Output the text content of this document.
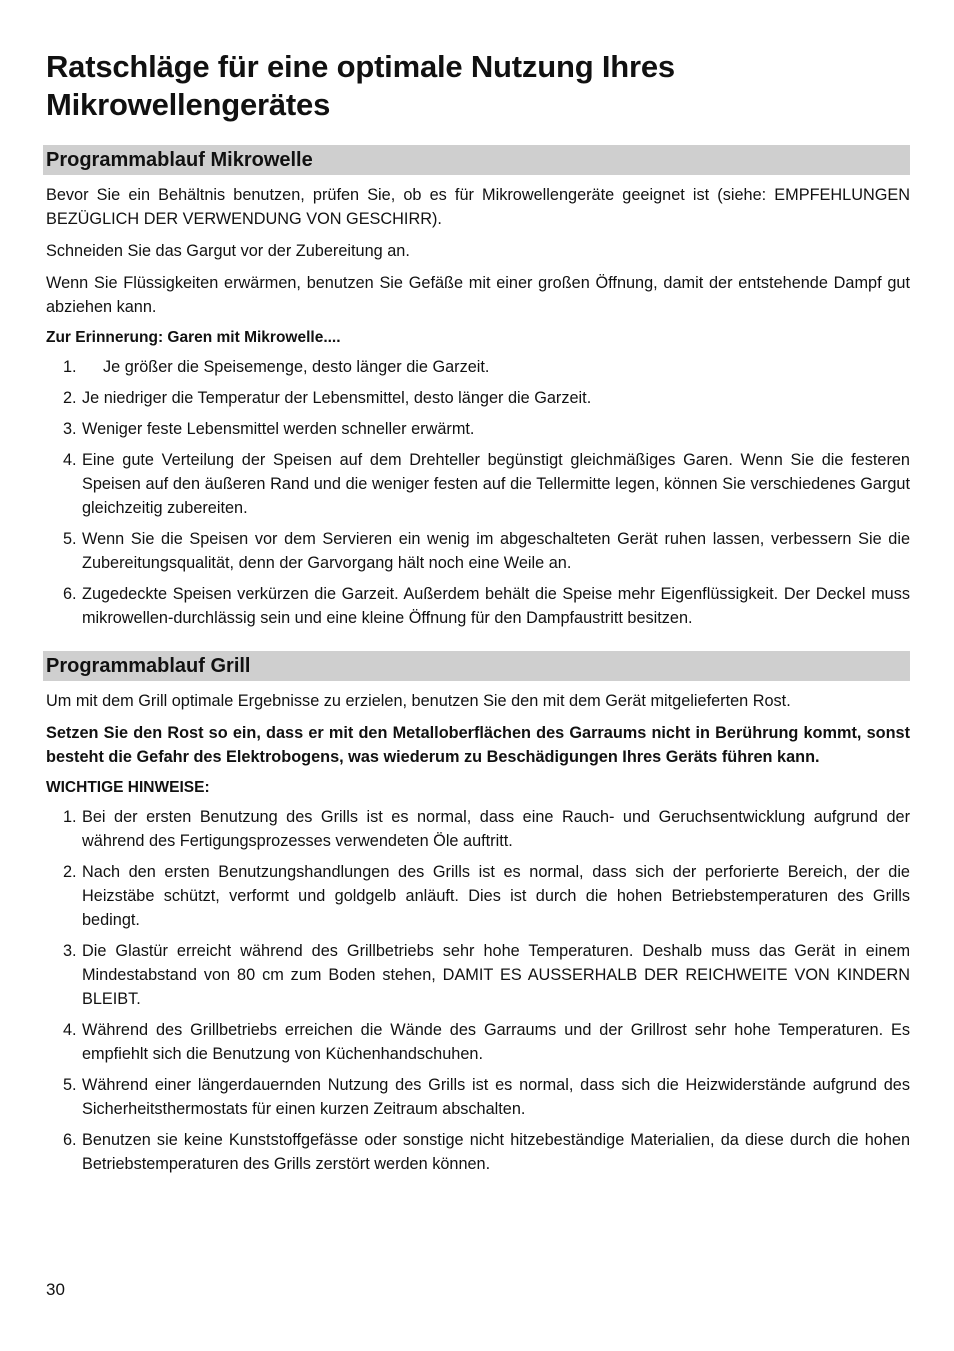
Ratschläge für eine optimale Nutzung Ihres Mikrowellengerätes
Programmablauf Mikrowelle

Bevor Sie ein Behältnis benutzen, prüfen Sie, ob es für Mikrowellengeräte geeignet ist (siehe: EMPFEHLUNGEN BEZÜGLICH DER VERWENDUNG VON GESCHIRR).

Schneiden Sie das Gargut vor der Zubereitung an.

Wenn Sie Flüssigkeiten erwärmen, benutzen Sie Gefäße mit einer großen Öffnung, damit der entstehende Dampf gut abziehen kann.

Zur Erinnerung: Garen mit Mikrowelle....
1. Je größer die Speisemenge, desto länger die Garzeit.
2. Je niedriger die Temperatur der Lebensmittel, desto länger die Garzeit.
3. Weniger feste Lebensmittel werden schneller erwärmt.
4. Eine gute Verteilung der Speisen auf dem Drehteller begünstigt gleichmäßiges Garen. Wenn Sie die festeren Speisen auf den äußeren Rand und die weniger festen auf die Tellermitte legen, können Sie verschiedenes Gargut gleichzeitig zubereiten.
5. Wenn Sie die Speisen vor dem Servieren ein wenig im abgeschalteten Gerät ruhen lassen, verbessern Sie die Zubereitungsqualität, denn der Garvorgang hält noch eine Weile an.
6. Zugedeckte Speisen verkürzen die Garzeit. Außerdem behält die Speise mehr Eigenflüssigkeit. Der Deckel muss mikrowellen-durchlässig sein und eine kleine Öffnung für den Dampfaustritt besitzen.
Programmablauf Grill

Um mit dem Grill optimale Ergebnisse zu erzielen, benutzen Sie den mit dem Gerät mitgelieferten Rost.

Setzen Sie den Rost so ein, dass er mit den Metalloberflächen des Garraums nicht in Berührung kommt, sonst besteht die Gefahr des Elektrobogens, was wiederum zu Beschädigungen Ihres Geräts führen kann.

WICHTIGE HINWEISE:
1. Bei der ersten Benutzung des Grills ist es normal, dass eine Rauch- und Geruchsentwicklung aufgrund der während des Fertigungsprozesses verwendeten Öle auftritt.
2. Nach den ersten Benutzungshandlungen des Grills ist es normal, dass sich der perforierte Bereich, der die Heizstäbe schützt, verformt und goldgelb anläuft. Dies ist durch die hohen Betriebstemperaturen des Grills bedingt.
3. Die Glastür erreicht während des Grillbetriebs sehr hohe Temperaturen. Deshalb muss das Gerät in einem Mindestabstand von 80 cm zum Boden stehen, DAMIT ES AUSSERHALB DER REICHWEITE VON KINDERN BLEIBT.
4. Während des Grillbetriebs erreichen die Wände des Garraums und der Grillrost sehr hohe Temperaturen. Es empfiehlt sich die Benutzung von Küchenhandschuhen.
5. Während einer längerdauernden Nutzung des Grills ist es normal, dass sich die Heizwiderstände aufgrund des Sicherheitsthermostats für einen kurzen Zeitraum abschalten.
6. Benutzen sie keine Kunststoffgefässe oder sonstige nicht hitzebeständige Materialien, da diese durch die hohen Betriebstemperaturen des Grills zerstört werden können.
30
